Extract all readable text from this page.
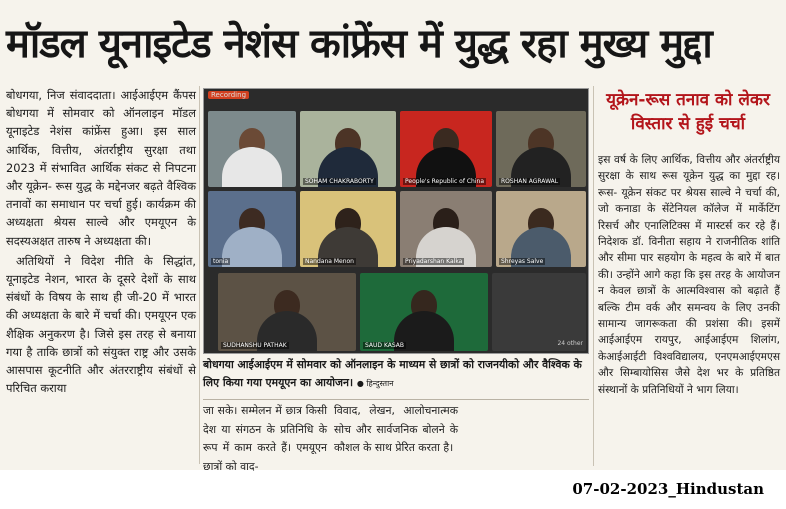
मॉडल यूनाइटेड नेशंस कांफ्रेंस में युद्ध रहा मुख्य मुद्दा

बोधगया, निज संवाददाता। आईआईएम कैंपस बोधगया में सोमवार को ऑनलाइन मॉडल यूनाइटेड नेशंस कांफ्रेंस हुआ। इस साल आर्थिक, वित्तीय, अंतर्राष्ट्रीय सुरक्षा तथा 2023 में संभावित आर्थिक संकट से निपटना और यूक्रेन- रूस युद्ध के मद्देनजर बढ़ते वैश्विक तनावों का समाधान पर चर्चा हुई। कार्यक्रम की अध्यक्षता श्रेयस साल्वे और एमयूएन के सदस्यअक्षत तारुष ने अध्यक्षता की।

अतिथियों ने विदेश नीति के सिद्धांत, यूनाइटेड नेशन, भारत के दूसरे देशों के साथ संबंधों के विषय के साथ ही जी-20 में भारत की अध्यक्षता के बारे में चर्चा की। एमयूएन एक शैक्षिक अनुकरण है। जिसे इस तरह से बनाया गया है ताकि छात्रों को संयुक्त राष्ट्र और उसके आसपास कूटनीति और अंतरराष्ट्रीय संबंधों से परिचित कराया

Recording
SOHAM CHAKRABORTY	People's Republic of China	ROSHAN AGRAWAL
tonia	Nandana Menon	Priyadarshan Kalka	Shreyas Salve
SUDHANSHU PATHAK	SAUD KASAB	24 other
बोधगया आईआईएम में सोमवार को ऑनलाइन के माध्यम से छात्रों को राजनयीको और वैश्विक के लिए किया गया एमयूएन का आयोजन। ● हिन्दुस्तान

जा सके। सम्मेलन में छात्र किसी देश या संगठन के प्रतिनिधि के रूप में काम करते हैं। एमयूएन छात्रों को वाद-

विवाद, लेखन, आलोचनात्मक सोच और सार्वजनिक बोलने के कौशल के साथ प्रेरित करता है।

यूक्रेन-रूस तनाव को लेकर विस्तार से हुई चर्चा

इस वर्ष के लिए आर्थिक, वित्तीय और अंतर्राष्ट्रीय सुरक्षा के साथ रूस यूक्रेन युद्ध का मुद्दा रह। रूस- यूक्रेन संकट पर श्रेयस साल्वे ने चर्चा की, जो कनाडा के सेंटेनियल कॉलेज में मार्केटिंग रिसर्च और एनालिटिक्स में मास्टर्स कर रहे हैं। निदेशक डॉ. विनीता सहाय ने राजनीतिक शांति और सीमा पार सहयोग के महत्व के बारे में बात की। उन्होंने आगे कहा कि इस तरह के आयोजन न केवल छात्रों के आत्मविश्वास को बढ़ाते हैं बल्कि टीम वर्क और समन्वय के लिए उनकी सामान्य जागरूकता की प्रशंसा की। इसमें आईआईएम रायपुर, आईआईएम शिलांग, केआईआईटी विश्वविद्यालय, एनएमआईएमएस और सिम्बायोसिस जैसे देश भर के प्रतिष्ठित संस्थानों के प्रतिनिधियों ने भाग लिया।

07-02-2023_Hindustan
